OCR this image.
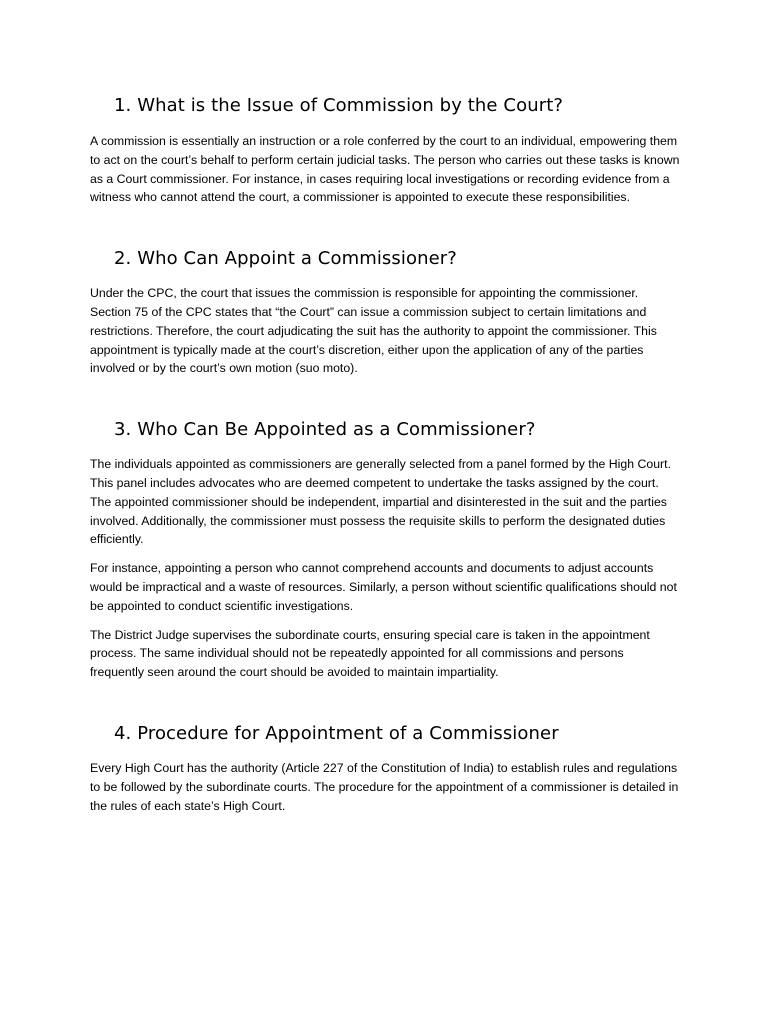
1. What is the Issue of Commission by the Court?

A commission is essentially an instruction or a role conferred by the court to an individual, empowering them to act on the court’s behalf to perform certain judicial tasks. The person who carries out these tasks is known as a Court commissioner. For instance, in cases requiring local investigations or recording evidence from a witness who cannot attend the court, a commissioner is appointed to execute these responsibilities.

2. Who Can Appoint a Commissioner?

Under the CPC, the court that issues the commission is responsible for appointing the commissioner. Section 75 of the CPC states that “the Court” can issue a commission subject to certain limitations and restrictions. Therefore, the court adjudicating the suit has the authority to appoint the commissioner. This appointment is typically made at the court’s discretion, either upon the application of any of the parties involved or by the court’s own motion (suo moto).

3. Who Can Be Appointed as a Commissioner?

The individuals appointed as commissioners are generally selected from a panel formed by the High Court. This panel includes advocates who are deemed competent to undertake the tasks assigned by the court. The appointed commissioner should be independent, impartial and disinterested in the suit and the parties involved. Additionally, the commissioner must possess the requisite skills to perform the designated duties efficiently.

For instance, appointing a person who cannot comprehend accounts and documents to adjust accounts would be impractical and a waste of resources. Similarly, a person without scientific qualifications should not be appointed to conduct scientific investigations.

The District Judge supervises the subordinate courts, ensuring special care is taken in the appointment process. The same individual should not be repeatedly appointed for all commissions and persons frequently seen around the court should be avoided to maintain impartiality.

4. Procedure for Appointment of a Commissioner

Every High Court has the authority (Article 227 of the Constitution of India) to establish rules and regulations to be followed by the subordinate courts. The procedure for the appointment of a commissioner is detailed in the rules of each state’s High Court.
